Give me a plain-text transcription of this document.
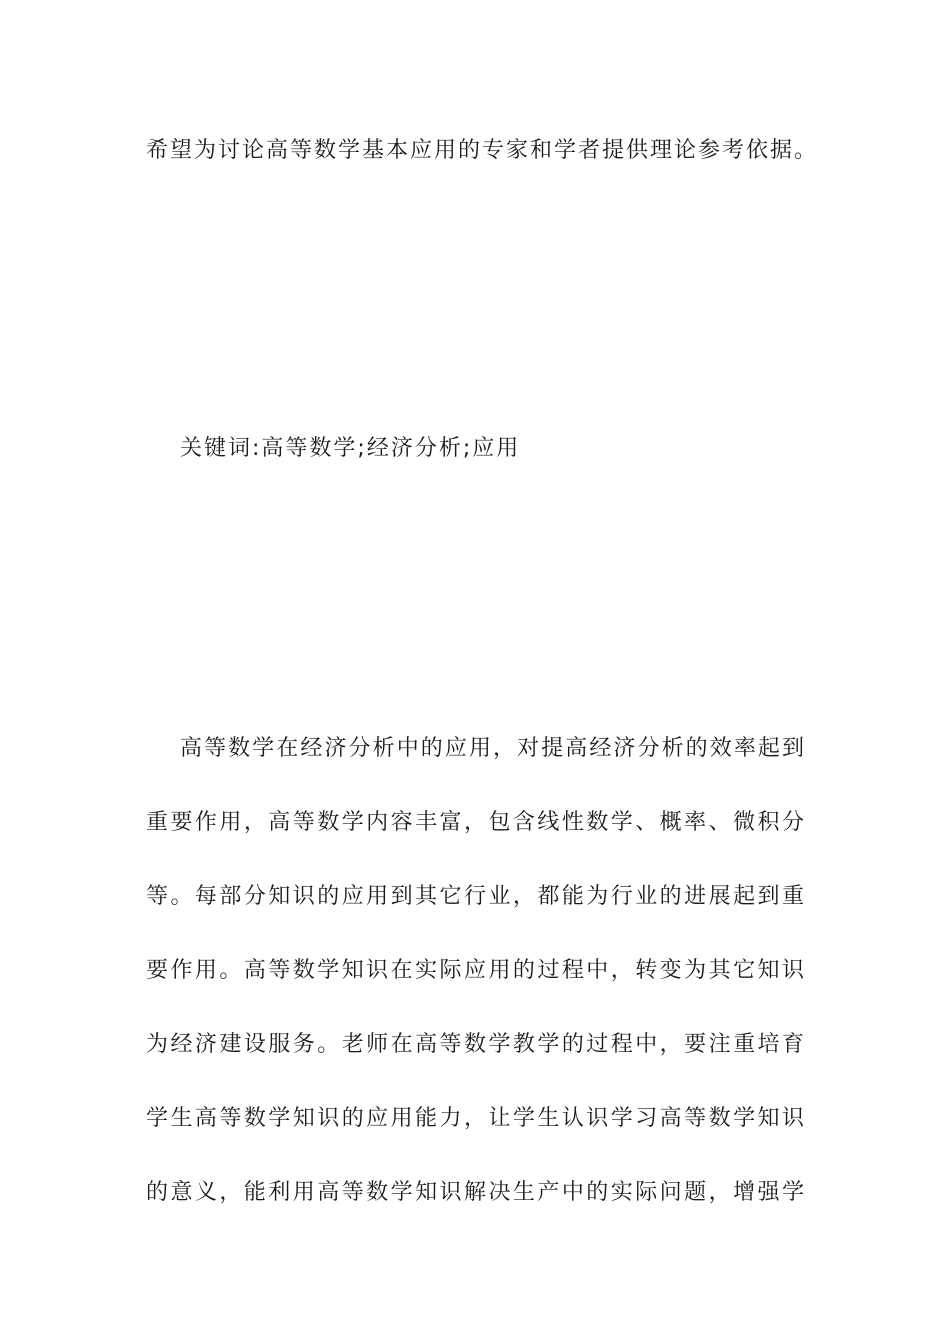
希望为讨论高等数学基本应用的专家和学者提供理论参考依据。
关键词:高等数学;经济分析;应用
高等数学在经济分析中的应用，对提高经济分析的效率起到
重要作用，高等数学内容丰富，包含线性数学、概率、微积分
等。每部分知识的应用到其它行业，都能为行业的进展起到重
要作用。高等数学知识在实际应用的过程中，转变为其它知识
为经济建设服务。老师在高等数学教学的过程中，要注重培育
学生高等数学知识的应用能力，让学生认识学习高等数学知识
的意义，能利用高等数学知识解决生产中的实际问题，增强学
